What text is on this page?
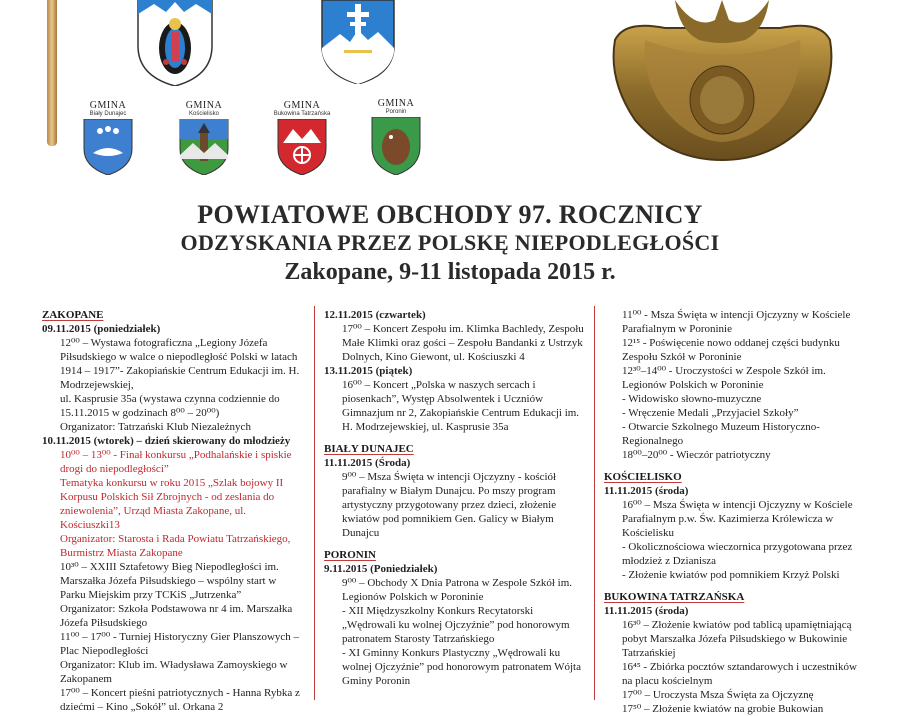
GMINA
Biały Dunajec
GMINA
Kościelisko
GMINA
Bukowina Tatrzańska
GMINA
Poronin
POWIATOWE OBCHODY 97. ROCZNICY
ODZYSKANIA PRZEZ POLSKĘ NIEPODLEGŁOŚCI
Zakopane, 9-11 listopada 2015 r.
ZAKOPANE
09.11.2015 (poniedziałek)
12⁰⁰ – Wystawa fotograficzna „Legiony Józefa Piłsudskiego w walce o niepodległość Polski w latach 1914 – 1917”- Zakopiańskie Centrum Edukacji im. H. Modrzejewskiej,
ul. Kasprusie 35a (wystawa czynna codziennie do 15.11.2015 w godzinach 8⁰⁰ – 20⁰⁰)
Organizator: Tatrzański Klub Niezależnych
10.11.2015 (wtorek) – dzień skierowany do młodzieży
10⁰⁰ – 13⁰⁰ - Finał konkursu „Podhalańskie i spiskie drogi do niepodległości”
Tematyka konkursu w roku 2015 „Szlak bojowy II Korpusu Polskich Sił Zbrojnych - od zeslania do zniewolenia”, Urząd Miasta Zakopane, ul. Kościuszki13
Organizator: Starosta i Rada Powiatu Tatrzańskiego, Burmistrz Miasta Zakopane
10³⁰ – XXIII Sztafetowy Bieg Niepodległości im. Marszałka Józefa Piłsudskiego – wspólny start w Parku Miejskim przy TCKiS „Jutrzenka”
Organizator: Szkoła Podstawowa nr 4 im. Marszałka Józefa Piłsudskiego
11⁰⁰ – 17⁰⁰ - Turniej Historyczny Gier Planszowych – Plac Niepodległości
Organizator: Klub im. Władysława Zamoyskiego w Zakopanem
17⁰⁰ – Koncert pieśni patriotycznych - Hanna Rybka z dziećmi – Kino „Sokół” ul. Orkana 2
12.11.2015 (czwartek)
17⁰⁰ – Koncert Zespołu im. Klimka Bachledy, Zespołu Małe Klimki oraz gości – Zespołu Bandanki z Ustrzyk Dolnych, Kino Giewont, ul. Kościuszki 4
13.11.2015 (piątek)
16⁰⁰ – Koncert „Polska w naszych sercach i piosenkach”, Występ Absolwentek i Uczniów Gimnazjum nr 2, Zakopiańskie Centrum Edukacji im. H. Modrzejewskiej, ul. Kasprusie 35a
BIAŁY DUNAJEC
11.11.2015 (Środa)
9⁰⁰ – Msza Święta w intencji Ojczyzny - kościół parafialny w Białym Dunajcu. Po mszy program artystyczny przygotowany przez dzieci, złożenie kwiatów pod pomnikiem Gen. Galicy w Białym Dunajcu
PORONIN
9.11.2015 (Poniedziałek)
9⁰⁰ – Obchody X Dnia Patrona w Zespole Szkół im. Legionów Polskich w Poroninie
- XII Międzyszkolny Konkurs Recytatorski „Wędrowali ku wolnej Ojczyźnie” pod honorowym patronatem Starosty Tatrzańskiego
- XI Gminny Konkurs Plastyczny „Wędrowali ku wolnej Ojczyźnie” pod honorowym patronatem Wójta Gminy Poronin
11⁰⁰ - Msza Święta w intencji Ojczyzny w Kościele Parafialnym w Poroninie
12¹⁵ - Poświęcenie nowo oddanej części budynku Zespołu Szkół w Poroninie
12³⁰–14⁰⁰ - Uroczystości w Zespole Szkół im. Legionów Polskich w Poroninie
- Widowisko słowno-muzyczne
- Wręczenie Medali „Przyjaciel Szkoły”
- Otwarcie Szkolnego Muzeum Historyczno-Regionalnego
18⁰⁰–20⁰⁰ - Wieczór patriotyczny
KOŚCIELISKO
11.11.2015 (środa)
16⁰⁰ – Msza Święta w intencji Ojczyzny w Kościele Parafialnym p.w. Św. Kazimierza Królewicza w Kościelisku
- Okolicznościowa wieczornica przygotowana przez młodzież z Dzianisza
- Złożenie kwiatów pod pomnikiem Krzyż Polski
BUKOWINA TATRZAŃSKA
11.11.2015 (środa)
16³⁰ – Złożenie kwiatów pod tablicą upamiętniającą pobyt Marszałka Józefa Piłsudskiego w Bukowinie Tatrzańskiej
16⁴⁵ - Zbiórka pocztów sztandarowych i uczestników na placu kościelnym
17⁰⁰ – Uroczysta Msza Święta za Ojczyznę
17⁵⁰ – Złożenie kwiatów na grobie Bukowian
